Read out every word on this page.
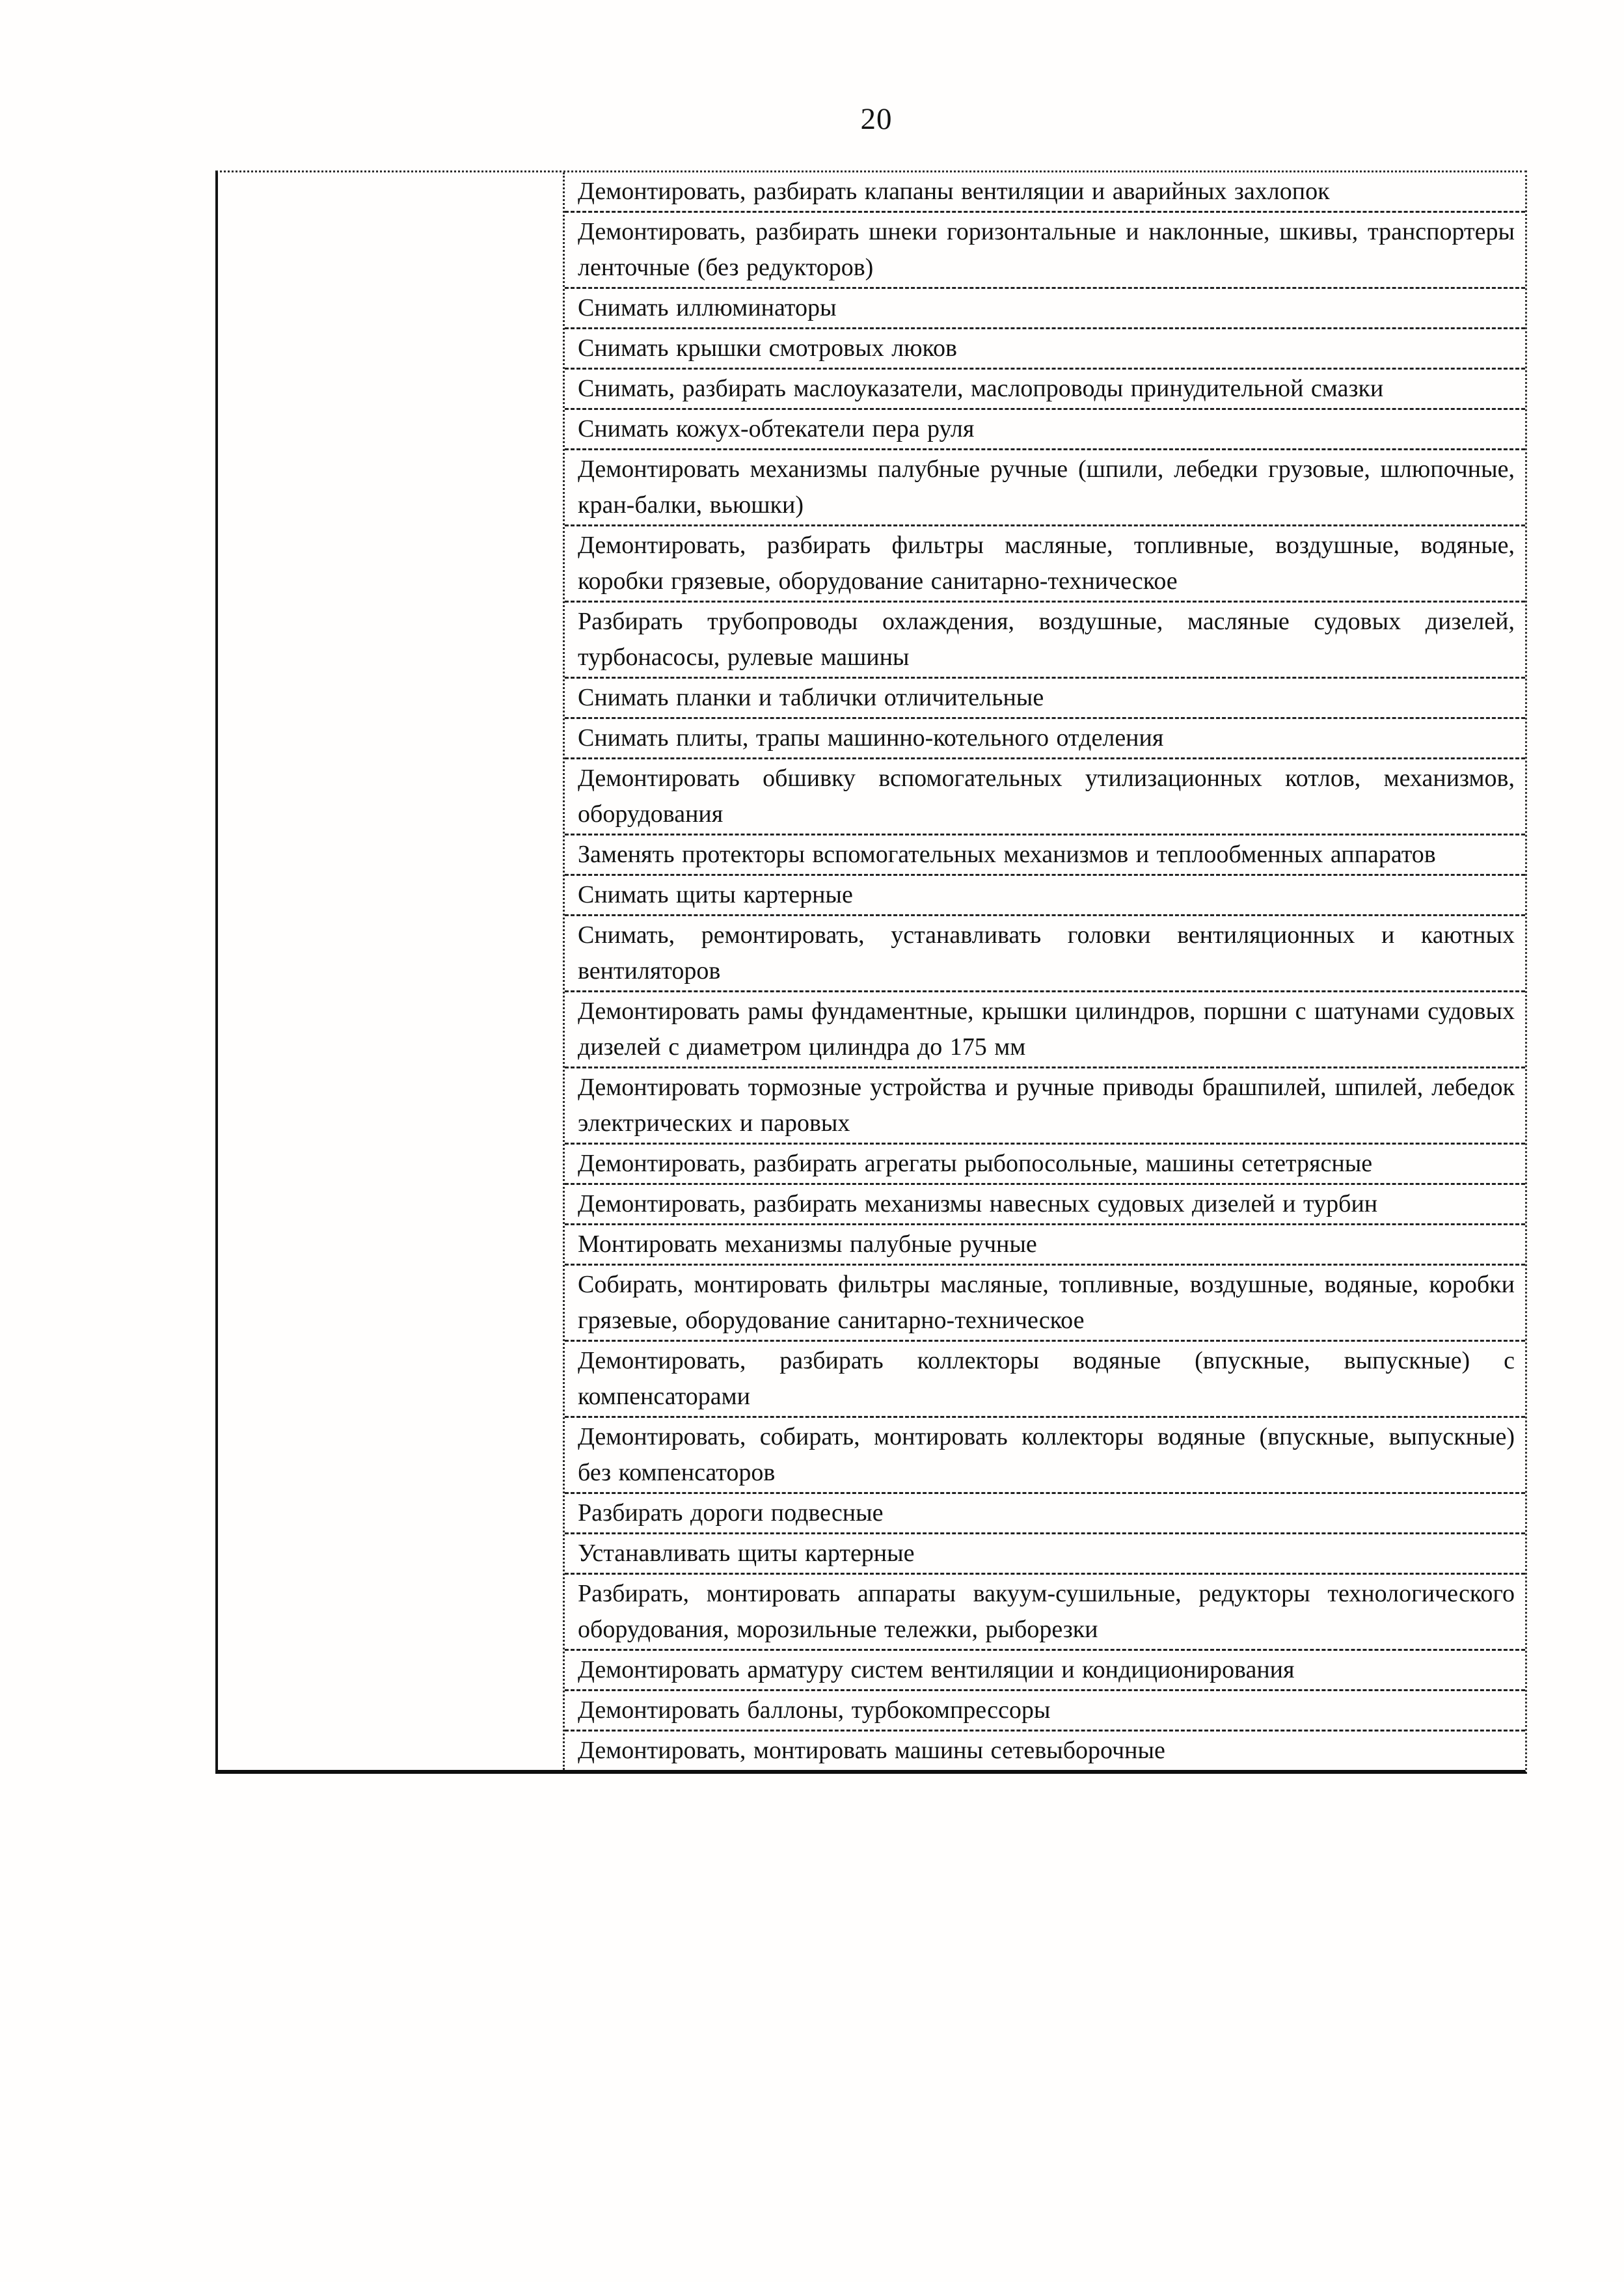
20

Демонтировать, разбирать клапаны вентиляции и аварийных захлопок

Демонтировать, разбирать шнеки горизонтальные и наклонные, шкивы, транспортеры ленточные (без редукторов)

Снимать иллюминаторы

Снимать крышки смотровых люков

Снимать, разбирать маслоуказатели, маслопроводы принудительной смазки

Снимать кожух-обтекатели пера руля

Демонтировать механизмы палубные ручные (шпили, лебедки грузовые, шлюпочные, кран-балки, вьюшки)

Демонтировать, разбирать фильтры масляные, топливные, воздушные, водяные, коробки грязевые, оборудование санитарно-техническое

Разбирать трубопроводы охлаждения, воздушные, масляные судовых дизелей, турбонасосы, рулевые машины

Снимать планки и таблички отличительные

Снимать плиты, трапы машинно-котельного отделения

Демонтировать обшивку вспомогательных утилизационных котлов, механизмов, оборудования

Заменять протекторы вспомогательных механизмов и теплообменных аппаратов

Снимать щиты картерные

Снимать, ремонтировать, устанавливать головки вентиляционных и каютных вентиляторов

Демонтировать рамы фундаментные, крышки цилиндров, поршни с шатунами судовых дизелей с диаметром цилиндра до 175 мм

Демонтировать тормозные устройства и ручные приводы брашпилей, шпилей, лебедок электрических и паровых

Демонтировать, разбирать агрегаты рыбопосольные, машины сететрясные

Демонтировать, разбирать механизмы навесных судовых дизелей и турбин

Монтировать механизмы палубные ручные

Собирать, монтировать фильтры масляные, топливные, воздушные, водяные, коробки грязевые, оборудование санитарно-техническое

Демонтировать, разбирать коллекторы водяные (впускные, выпускные) с компенсаторами

Демонтировать, собирать, монтировать коллекторы водяные (впускные, выпускные) без компенсаторов

Разбирать дороги подвесные

Устанавливать щиты картерные

Разбирать, монтировать аппараты вакуум-сушильные, редукторы технологического оборудования, морозильные тележки, рыборезки

Демонтировать арматуру систем вентиляции и кондиционирования

Демонтировать баллоны, турбокомпрессоры

Демонтировать, монтировать машины сетевыборочные
